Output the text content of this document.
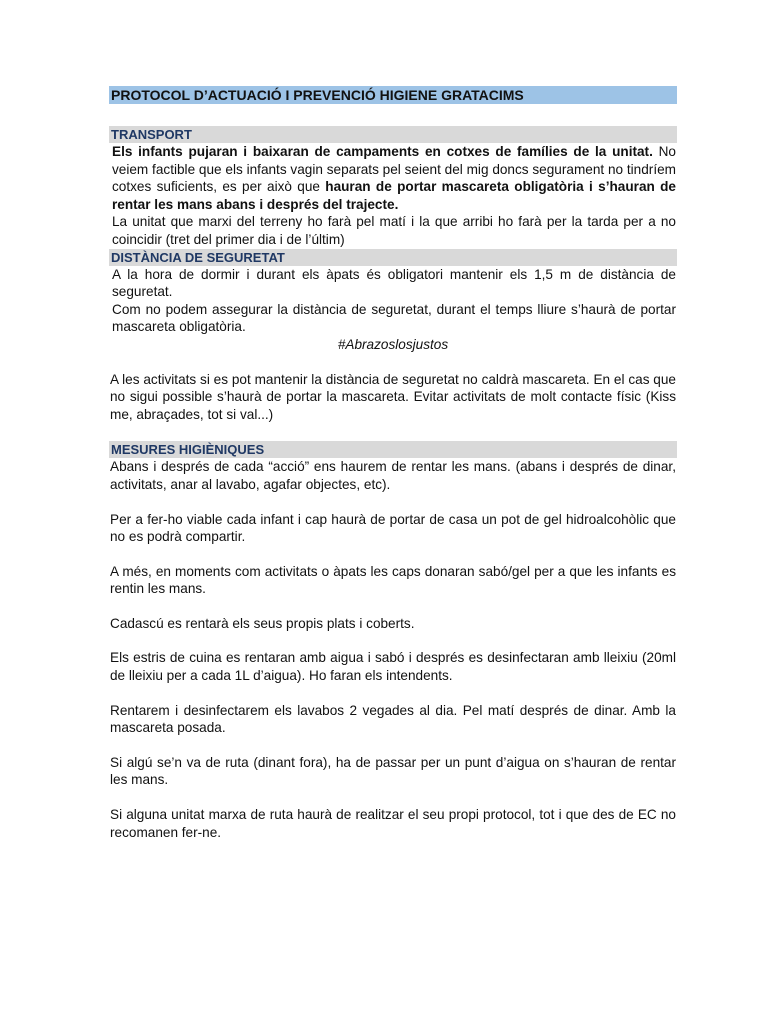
PROTOCOL D’ACTUACIÓ I PREVENCIÓ HIGIENE GRATACIMS
TRANSPORT

Els infants pujaran i baixaran de campaments en cotxes de famílies de la unitat. No veiem factible que els infants vagin separats pel seient del mig doncs segurament no tindríem cotxes suficients, es per això que hauran de portar mascareta obligatòria i s’hauran de rentar les mans abans i després del trajecte.

La unitat que marxi del terreny ho farà pel matí i la que arribi ho farà per la tarda per a no coincidir (tret del primer dia i de l’últim)

DISTÀNCIA DE SEGURETAT

A la hora de dormir i durant els àpats és obligatori mantenir els 1,5 m de distància de seguretat.

Com no podem assegurar la distància de seguretat, durant el temps lliure s’haurà de portar mascareta obligatòria.

#Abrazoslosjustos

A les activitats si es pot mantenir la distància de seguretat no caldrà mascareta. En el cas que no sigui possible s’haurà de portar la mascareta. Evitar activitats de molt contacte físic (Kiss me, abraçades, tot si val...)

MESURES HIGIÈNIQUES

Abans i després de cada “acció” ens haurem de rentar les mans. (abans i després de dinar, activitats, anar al lavabo, agafar objectes, etc).

Per a fer-ho viable cada infant i cap haurà de portar de casa un pot de gel hidroalcohòlic que no es podrà compartir.

A més, en moments com activitats o àpats les caps donaran sabó/gel per a que les infants es rentin les mans.

Cadascú es rentarà els seus propis plats i coberts.

Els estris de cuina es rentaran amb aigua i sabó i després es desinfectaran amb lleixiu (20ml de lleixiu per a cada 1L d’aigua). Ho faran els intendents.

Rentarem i desinfectarem els lavabos 2 vegades al dia. Pel matí després de dinar. Amb la mascareta posada.

Si algú se’n va de ruta (dinant fora), ha de passar per un punt d’aigua on s’hauran de rentar les mans.

Si alguna unitat marxa de ruta haurà de realitzar el seu propi protocol, tot i que des de EC no recomanen fer-ne.
